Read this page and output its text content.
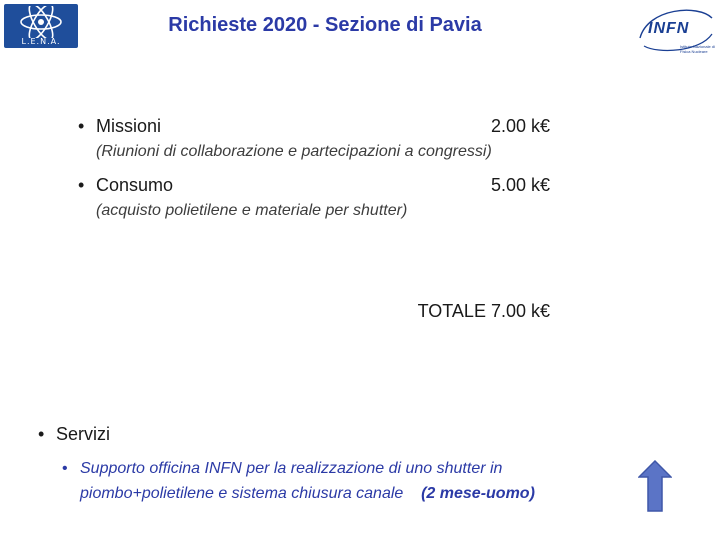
L.E.N.A.
Richieste 2020 - Sezione di Pavia	INFN
Istituto Nazionale di Fisica Nucleare
• Missioni	2.00 k€
(Riunioni di collaborazione e partecipazioni a congressi)
• Consumo	5.00 k€
(acquisto polietilene e materiale per shutter)
TOTALE 7.00 k€
• Servizi
• Supporto officina INFN per la realizzazione di uno shutter in
piombo+polietilene e sistema chiusura canale (2 mese-uomo)
